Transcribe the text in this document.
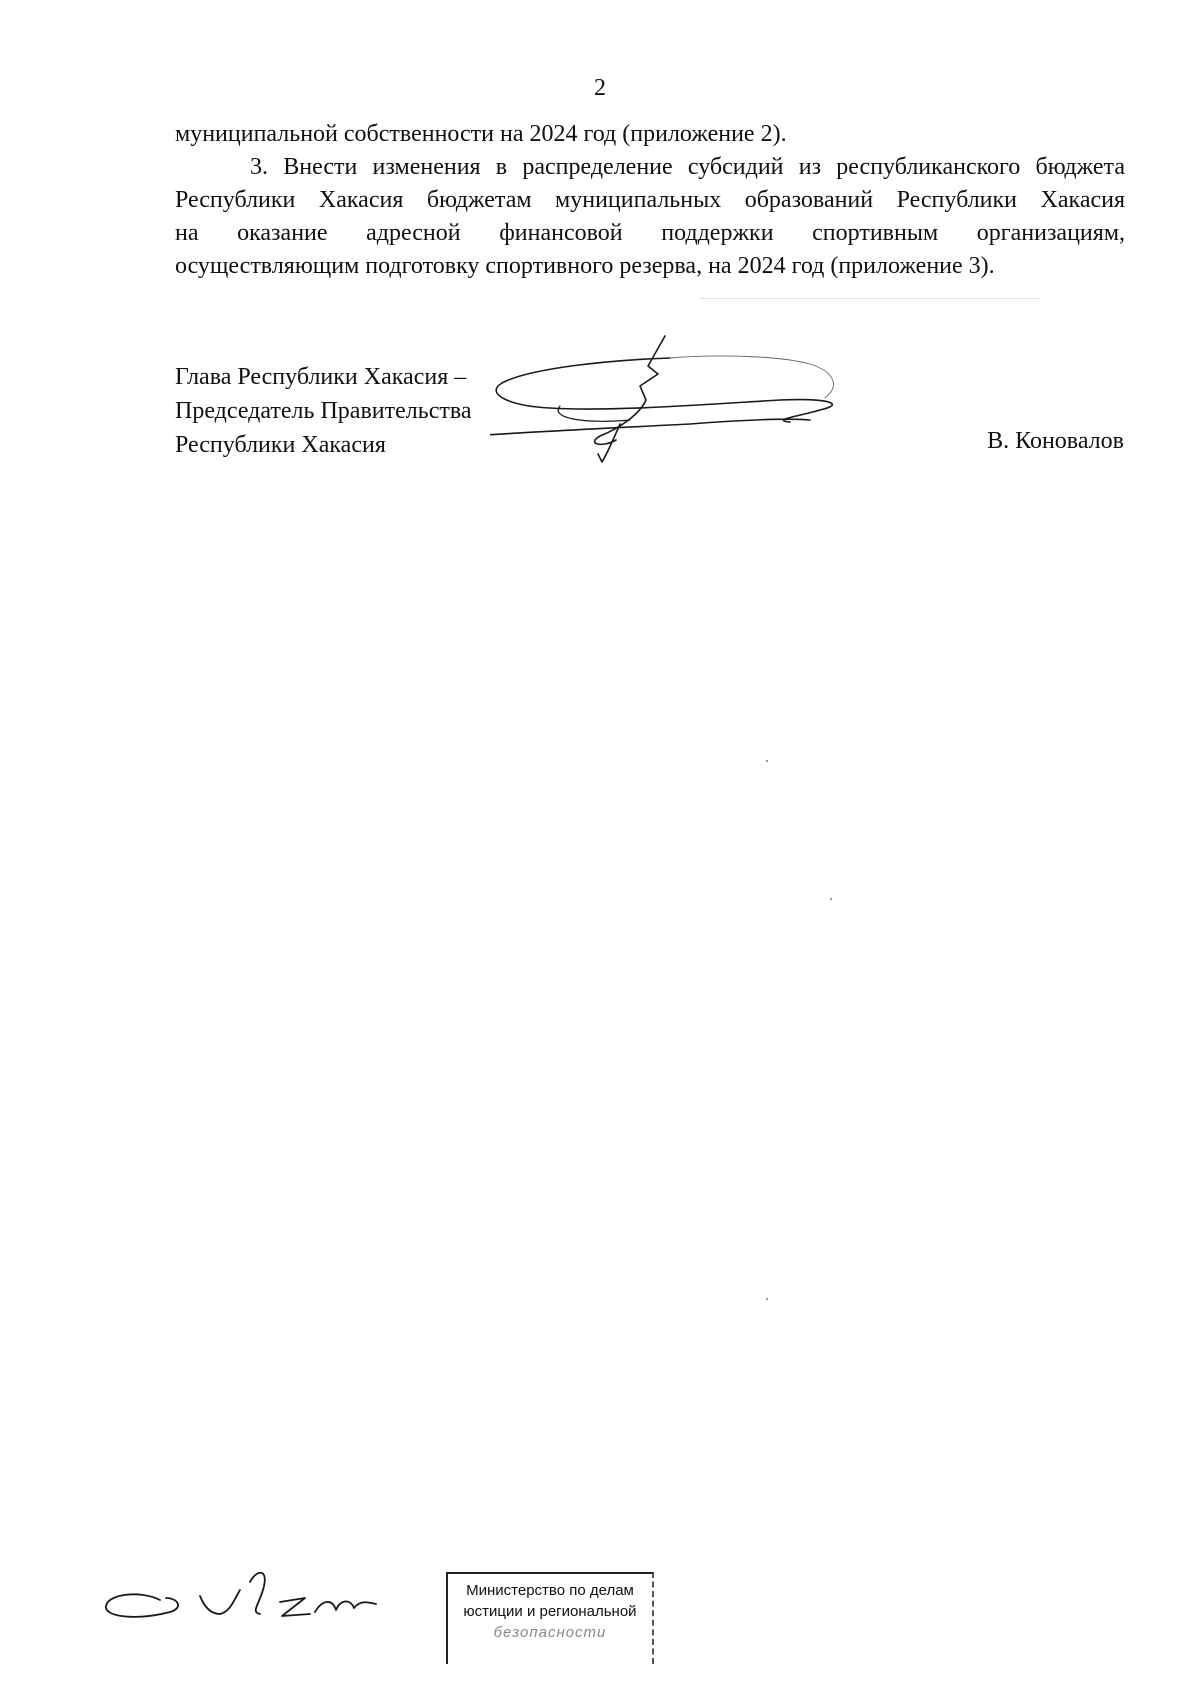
2

муниципальной собственности на 2024 год (приложение 2).

3. Внести изменения в распределение субсидий из республиканского бюджета

Республики Хакасия бюджетам муниципальных образований Республики Хакасия

на оказание адресной финансовой поддержки спортивным организациям,

осуществляющим подготовку спортивного резерва, на 2024 год (приложение 3).

Глава Республики Хакасия –
Председатель Правительства
Республики Хакасия	В. Коновалов
Министерство по делам
юстиции и региональной
безопасности
